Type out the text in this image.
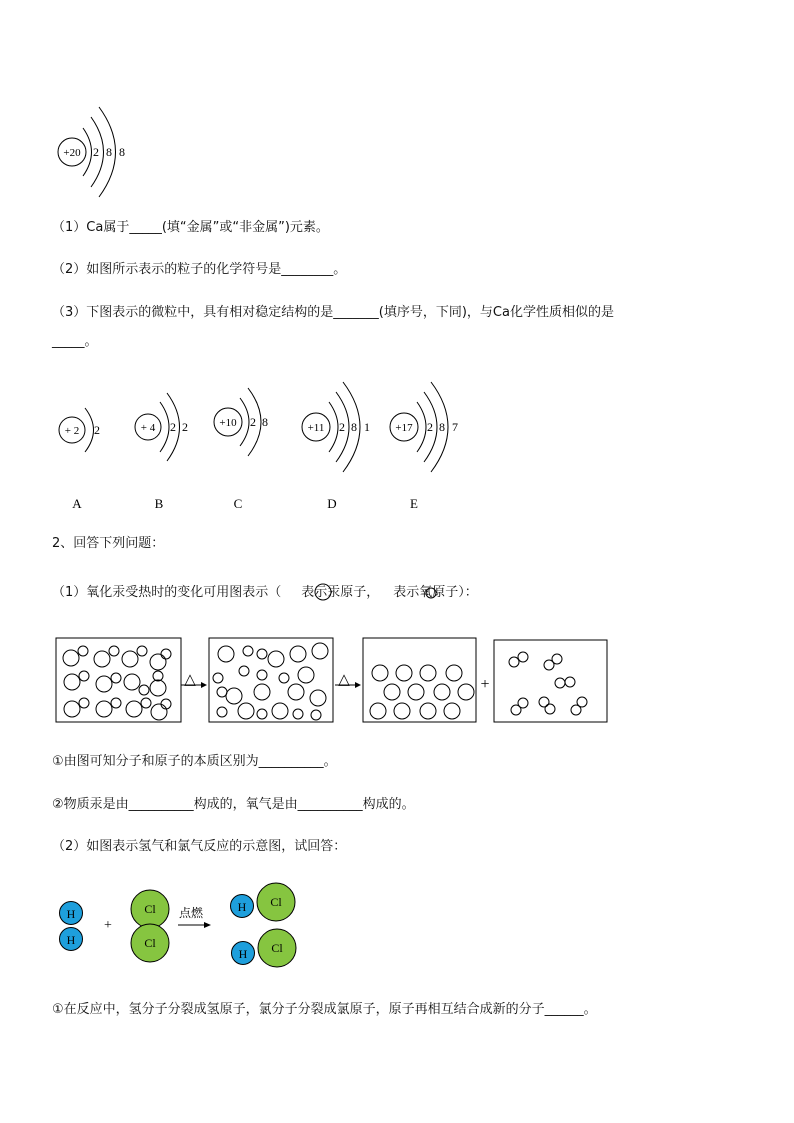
+20 2 8 8
+ 2 2
A
+ 4 2 2
B
+10 2 8
C
+11 2 8 1
D
+17 2 8 7
E
△	△	+
H
H
+
Cl
Cl
点燃
Cl
H
Cl
H
（1）Ca属于_____(填“金属”或“非金属”)元素。
（2）如图所示表示的粒子的化学符号是________。
（3）下图表示的微粒中，具有相对稳定结构的是_______(填序号，下同)，与Ca化学性质相似的是
_____。
2、回答下列问题：
（1）氧化汞受热时的变化可用图表示（ 表示汞原子， 表示氧原子）：
①由图可知分子和原子的本质区别为__________。
②物质汞是由__________构成的，氧气是由__________构成的。
（2）如图表示氢气和氯气反应的示意图，试回答：
①在反应中，氢分子分裂成氢原子，氯分子分裂成氯原子，原子再相互结合成新的分子______。
